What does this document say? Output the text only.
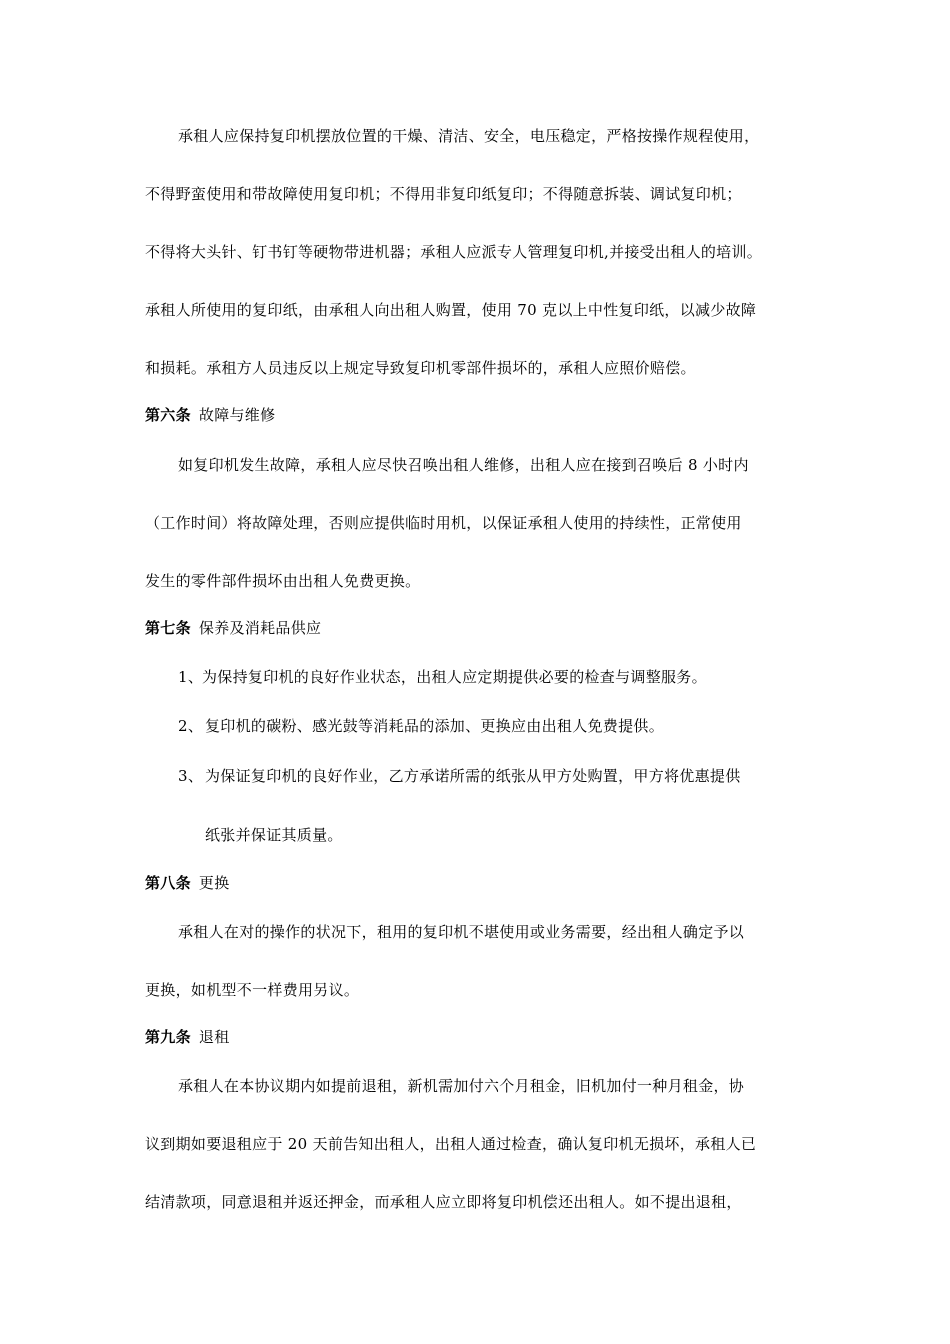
承租人应保持复印机摆放位置的干燥、清洁、安全，电压稳定，严格按操作规程使用，
不得野蛮使用和带故障使用复印机；不得用非复印纸复印；不得随意拆装、调试复印机；
不得将大头针、钉书钉等硬物带进机器；承租人应派专人管理复印机,并接受出租人的培训。
承租人所使用的复印纸，由承租人向出租人购置，使用 70 克以上中性复印纸，以减少故障
和损耗。承租方人员违反以上规定导致复印机零部件损坏的，承租人应照价赔偿。
第六条 故障与维修
如复印机发生故障，承租人应尽快召唤出租人维修，出租人应在接到召唤后 8 小时内
（工作时间）将故障处理，否则应提供临时用机，以保证承租人使用的持续性，正常使用
发生的零件部件损坏由出租人免费更换。
第七条 保养及消耗品供应
1、
为保持复印机的良好作业状态，出租人应定期提供必要的检查与调整服务。
2、 复印机的碳粉、感光鼓等消耗品的添加、更换应由出租人免费提供。
3、 为保证复印机的良好作业，乙方承诺所需的纸张从甲方处购置，甲方将优惠提供
纸张并保证其质量。
第八条 更换
承租人在对的操作的状况下，租用的复印机不堪使用或业务需要，经出租人确定予以
更换，如机型不一样费用另议。
第九条 退租
承租人在本协议期内如提前退租，新机需加付六个月租金，旧机加付一种月租金，协
议到期如要退租应于 20 天前告知出租人，出租人通过检查，确认复印机无损坏，承租人已
结清款项，同意退租并返还押金，而承租人应立即将复印机偿还出租人。如不提出退租，
